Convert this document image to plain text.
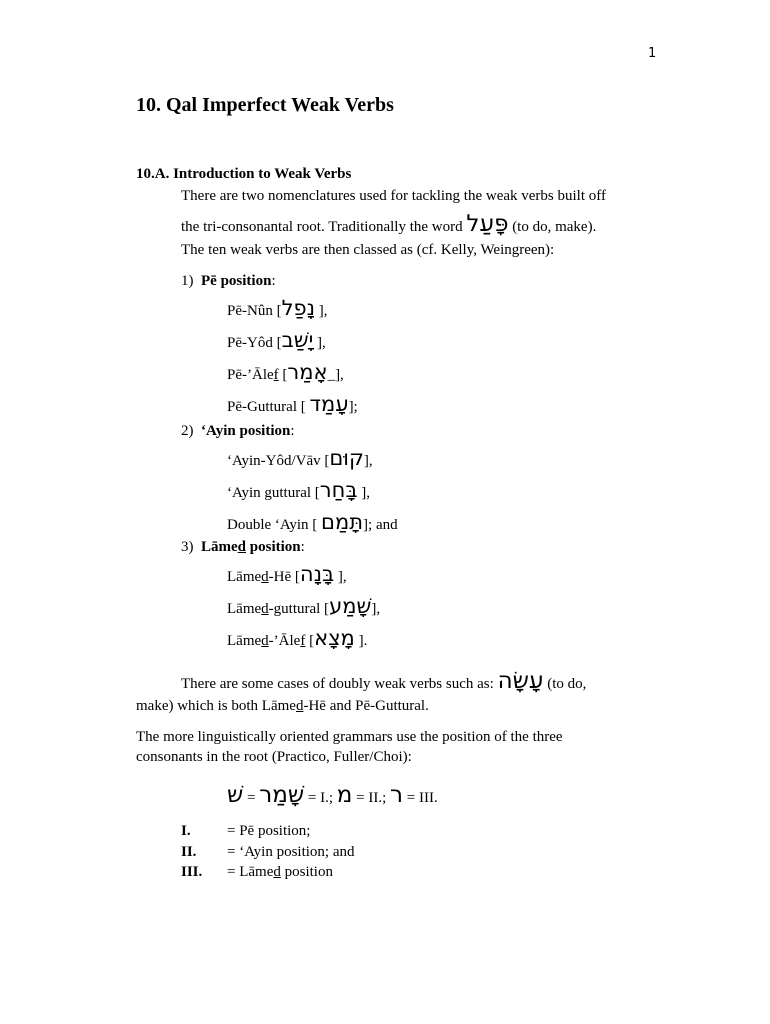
1
10. Qal Imperfect Weak Verbs
10.A. Introduction to Weak Verbs
There are two nomenclatures used for tackling the weak verbs built off
the tri-consonantal root. Traditionally the word פָּעַל (to do, make).
The ten weak verbs are then classed as (cf. Kelly, Weingreen):
1) Pē position:
Pē-Nûn [נָפַל ],
Pē-Yôd [יָשַׁב ],
Pē-’Ālef [אָמַר_],
Pē-Guttural [ עָמַד];
2) ‘Ayin position:
‘Ayin-Yôd/Vāv [קוּם],
‘Ayin guttural [בָּחַר ],
Double ‘Ayin [ תָּמַם]; and
3) Lāmed position:
Lāmed-Hē [בָּנָה ],
Lāmed-guttural [שָׁמַע],
Lāmed-’Ālef [מָצָא ].
There are some cases of doubly weak verbs such as: עָשָׂה (to do,
make) which is both Lāmed-Hē and Pē-Guttural.
The more linguistically oriented grammars use the position of the three
consonants in the root (Practico, Fuller/Choi):
שׁ = שָׁמַר = I.; מ = II.; ר = III.
I. = Pē position;
II. = ‘Ayin position; and
III. = Lāmed position
